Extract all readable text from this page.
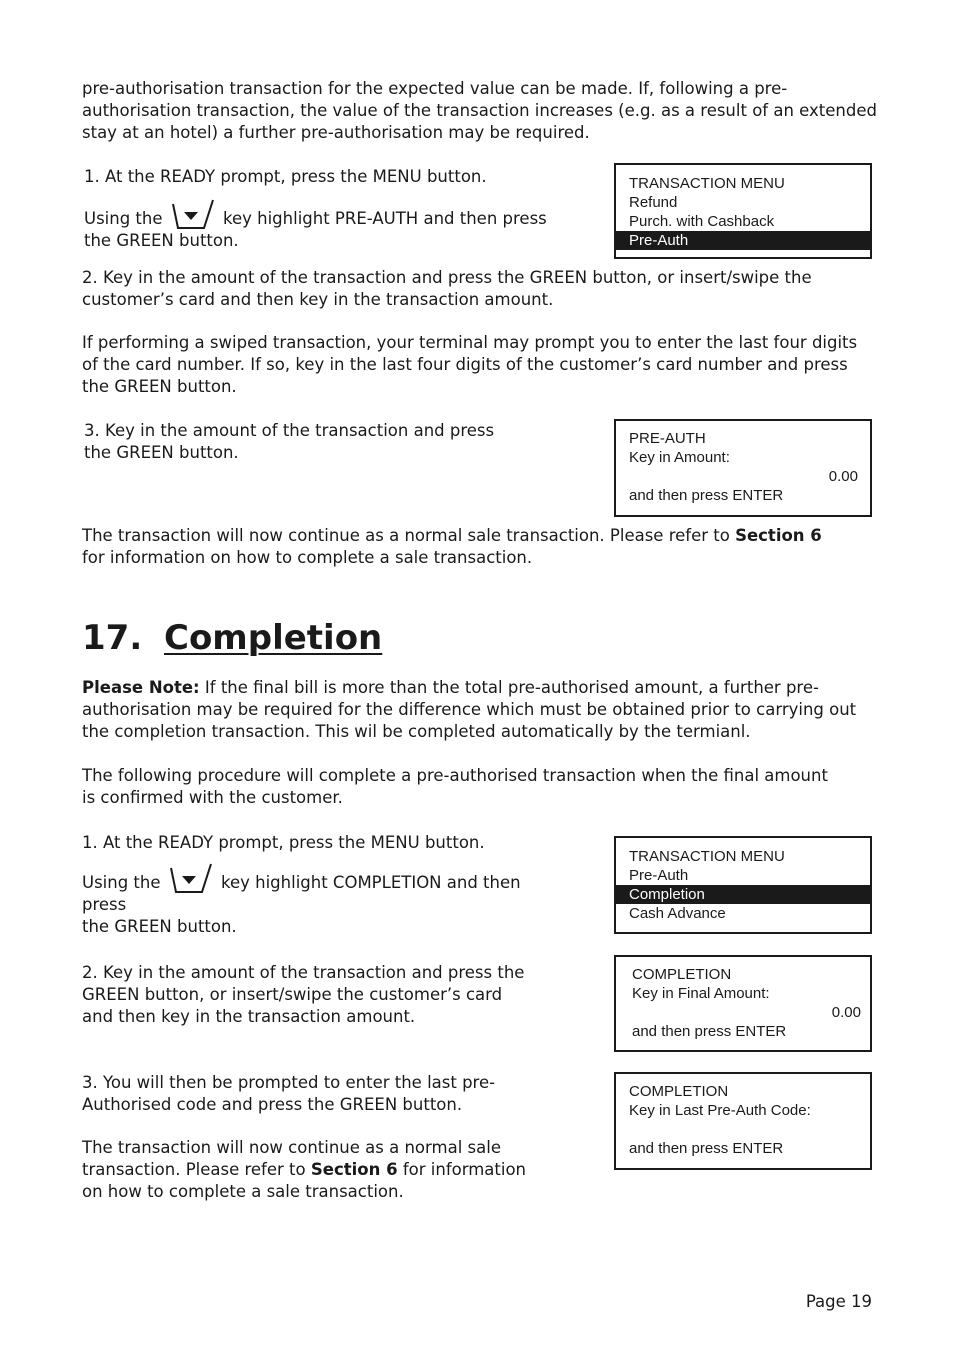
pre-authorisation transaction for the expected value can be made. If, following a pre-authorisation transaction, the value of the transaction increases (e.g. as a result of an extended stay at an hotel) a further pre-authorisation may be required.

1. At the READY prompt, press the MENU button.

Using the	key highlight PRE-AUTH and then press
the GREEN button.
TRANSACTION MENU
Refund
Purch. with Cashback
Pre-Auth

2. Key in the amount of the transaction and press the GREEN button, or insert/swipe the customer’s card and then key in the transaction amount.

If performing a swiped transaction, your terminal may prompt you to enter the last four digits of the card number. If so, key in the last four digits of the customer’s card number and press the GREEN button.

3. Key in the amount of the transaction and press the GREEN button.

PRE-AUTH
Key in Amount:
0.00
and then press ENTER

The transaction will now continue as a normal sale transaction. Please refer to Section 6 for information on how to complete a sale transaction.

17. Completion

Please Note: If the final bill is more than the total pre-authorised amount, a further pre-authorisation may be required for the difference which must be obtained prior to carrying out the completion transaction. This wil be completed automatically by the termianl.

The following procedure will complete a pre-authorised transaction when the final amount is confirmed with the customer.

1. At the READY prompt, press the MENU button.

Using the	key highlight COMPLETION and then press
the GREEN button.
TRANSACTION MENU
Pre-Auth
Completion
Cash Advance

2. Key in the amount of the transaction and press the GREEN button, or insert/swipe the customer’s card and then key in the transaction amount.

COMPLETION
Key in Final Amount:
0.00
and then press ENTER

3. You will then be prompted to enter the last pre-Authorised code and press the GREEN button.

COMPLETION
Key in Last Pre-Auth Code:
and then press ENTER

The transaction will now continue as a normal sale transaction. Please refer to Section 6 for information on how to complete a sale transaction.

Page 19
